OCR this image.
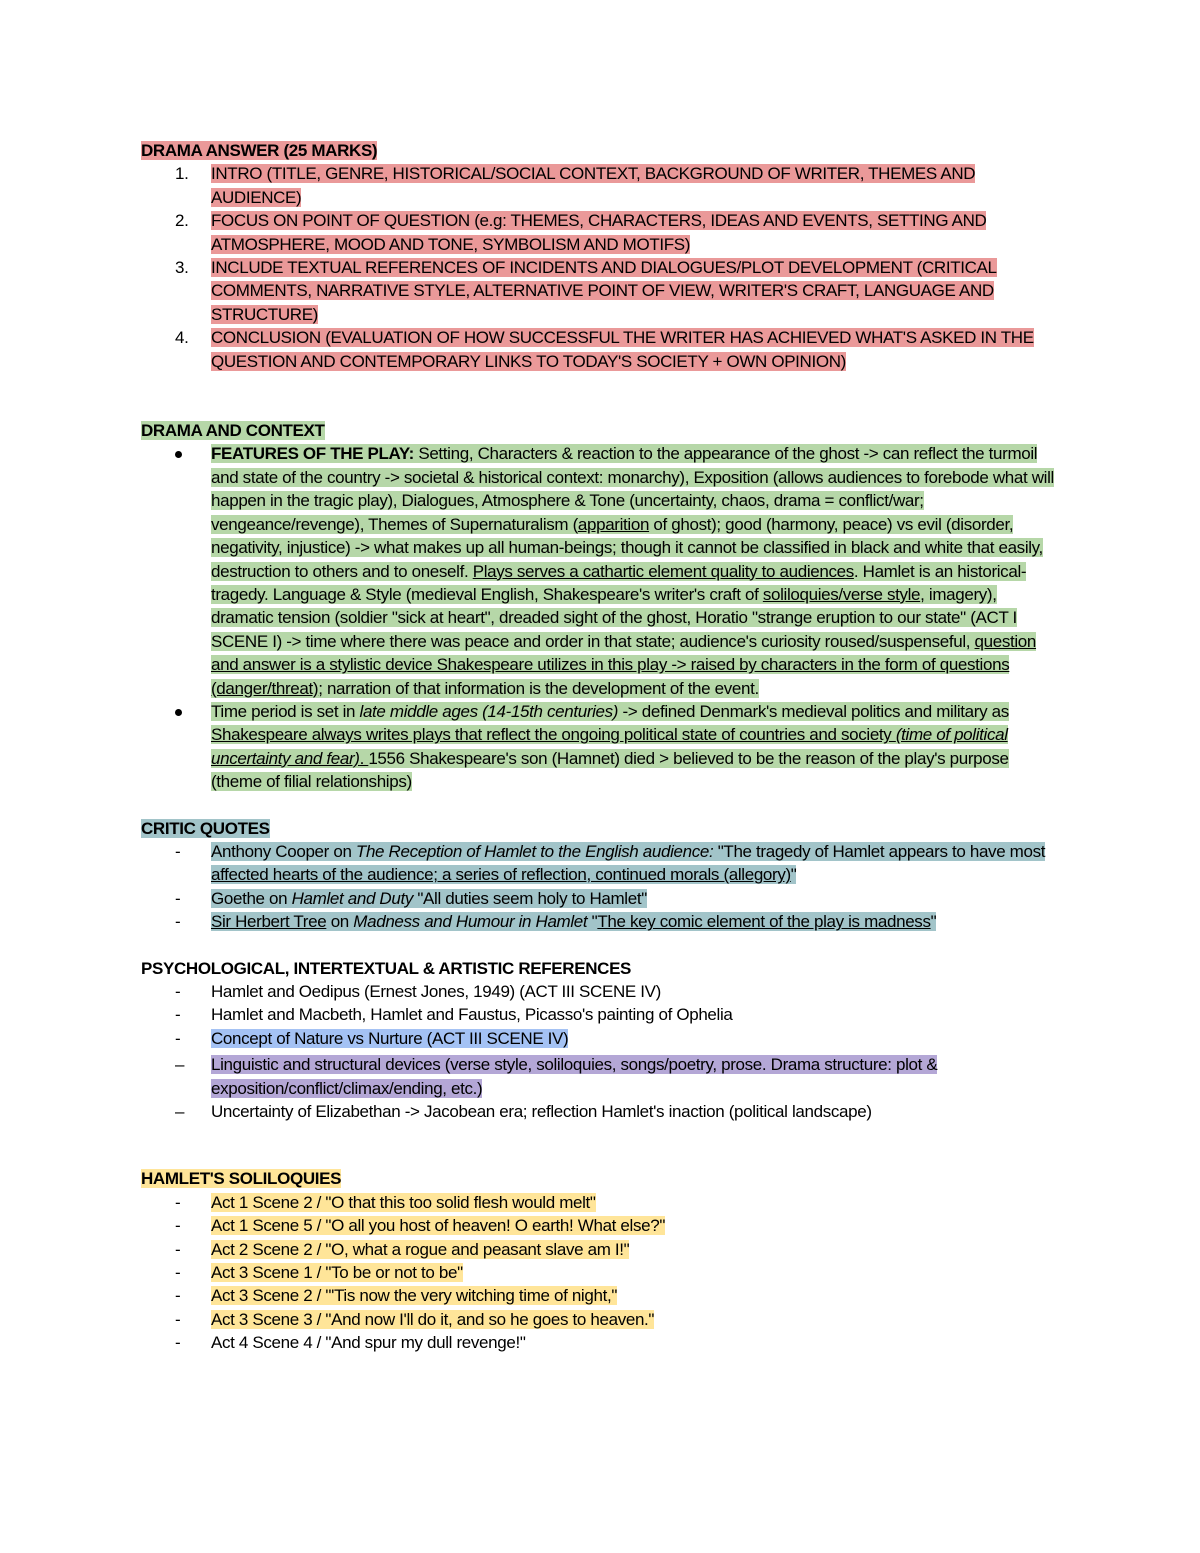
DRAMA ANSWER (25 MARKS)
1.	INTRO (TITLE, GENRE, HISTORICAL/SOCIAL CONTEXT, BACKGROUND OF WRITER, THEMES AND AUDIENCE)
2.	FOCUS ON POINT OF QUESTION (e.g: THEMES, CHARACTERS, IDEAS AND EVENTS, SETTING AND ATMOSPHERE, MOOD AND TONE, SYMBOLISM AND MOTIFS)
3.	INCLUDE TEXTUAL REFERENCES OF INCIDENTS AND DIALOGUES/PLOT DEVELOPMENT (CRITICAL COMMENTS, NARRATIVE STYLE, ALTERNATIVE POINT OF VIEW, WRITER'S CRAFT, LANGUAGE AND STRUCTURE)
4.	CONCLUSION (EVALUATION OF HOW SUCCESSFUL THE WRITER HAS ACHIEVED WHAT'S ASKED IN THE QUESTION AND CONTEMPORARY LINKS TO TODAY'S SOCIETY + OWN OPINION)
DRAMA AND CONTEXT
FEATURES OF THE PLAY: Setting, Characters & reaction to the appearance of the ghost -> can reflect the turmoil and state of the country -> societal & historical context: monarchy), Exposition (allows audiences to forebode what will happen in the tragic play), Dialogues, Atmosphere & Tone (uncertainty, chaos, drama = conflict/war; vengeance/revenge), Themes of Supernaturalism (apparition of ghost); good (harmony, peace) vs evil (disorder, negativity, injustice) -> what makes up all human-beings; though it cannot be classified in black and white that easily, destruction to others and to oneself. Plays serves a cathartic element quality to audiences. Hamlet is an historical-tragedy. Language & Style (medieval English, Shakespeare's writer's craft of soliloquies/verse style, imagery), dramatic tension (soldier "sick at heart", dreaded sight of the ghost, Horatio "strange eruption to our state" (ACT I SCENE I) -> time where there was peace and order in that state; audience's curiosity roused/suspenseful, question and answer is a stylistic device Shakespeare utilizes in this play -> raised by characters in the form of questions (danger/threat); narration of that information is the development of the event.
Time period is set in late middle ages (14-15th centuries) -> defined Denmark's medieval politics and military as Shakespeare always writes plays that reflect the ongoing political state of countries and society (time of political uncertainty and fear). 1556 Shakespeare's son (Hamnet) died > believed to be the reason of the play's purpose (theme of filial relationships)
CRITIC QUOTES
-	Anthony Cooper on The Reception of Hamlet to the English audience: "The tragedy of Hamlet appears to have most affected hearts of the audience; a series of reflection, continued morals (allegory)"
-	Goethe on Hamlet and Duty "All duties seem holy to Hamlet"
-	Sir Herbert Tree on Madness and Humour in Hamlet "The key comic element of the play is madness"
PSYCHOLOGICAL, INTERTEXTUAL & ARTISTIC REFERENCES
-	Hamlet and Oedipus (Ernest Jones, 1949) (ACT III SCENE IV)
-	Hamlet and Macbeth, Hamlet and Faustus, Picasso's painting of Ophelia
-	Concept of Nature vs Nurture (ACT III SCENE IV)
–	Linguistic and structural devices (verse style, soliloquies, songs/poetry, prose. Drama structure: plot & exposition/conflict/climax/ending, etc.)
–	Uncertainty of Elizabethan -> Jacobean era; reflection Hamlet's inaction (political landscape)
HAMLET'S SOLILOQUIES
-	Act 1 Scene 2 / "O that this too solid flesh would melt"
-	Act 1 Scene 5 / "O all you host of heaven! O earth! What else?"
-	Act 2 Scene 2 / "O, what a rogue and peasant slave am I!"
-	Act 3 Scene 1 / "To be or not to be"
-	Act 3 Scene 2 / "'Tis now the very witching time of night,"
-	Act 3 Scene 3 / "And now I'll do it, and so he goes to heaven."
-	Act 4 Scene 4 / "And spur my dull revenge!"
